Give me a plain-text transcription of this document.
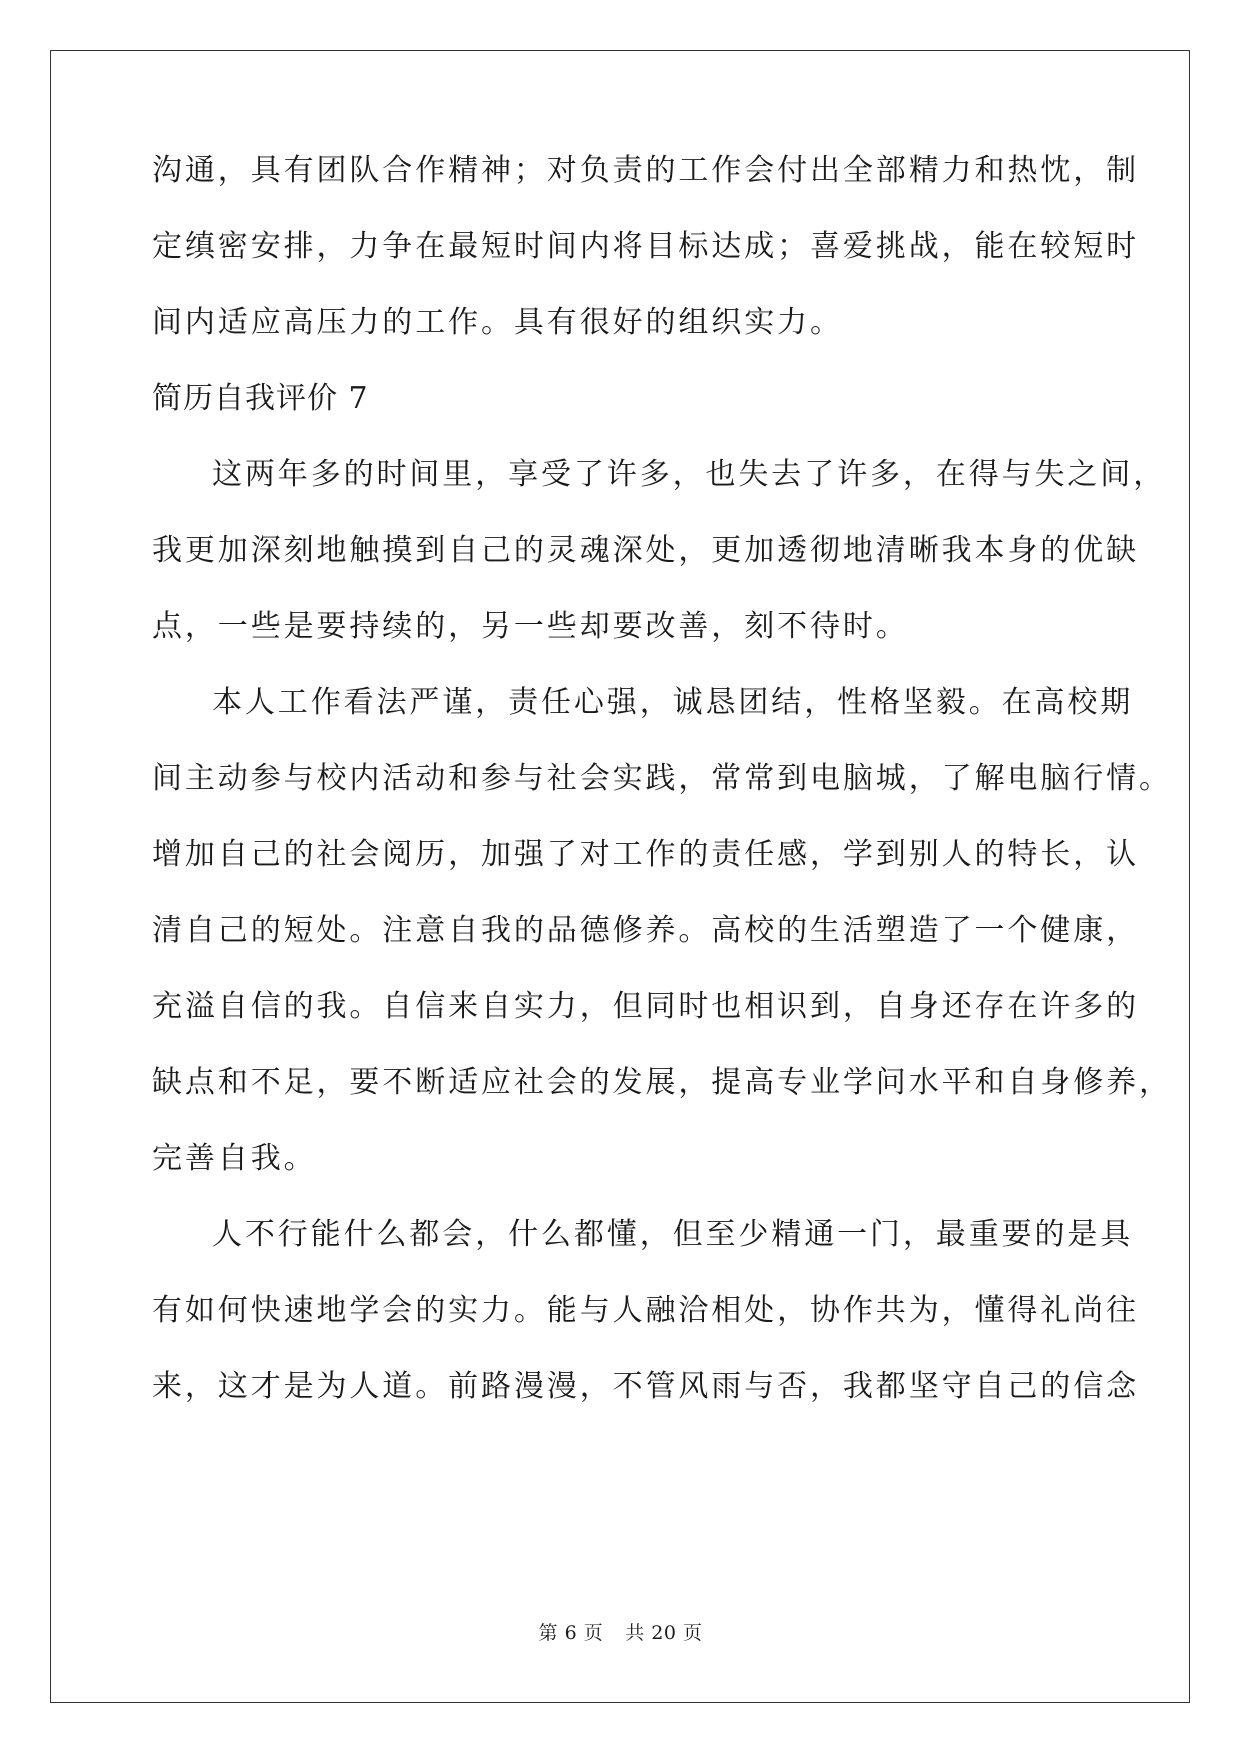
沟通，具有团队合作精神；对负责的工作会付出全部精力和热忱，制
定缜密安排，力争在最短时间内将目标达成；喜爱挑战，能在较短时
间内适应高压力的工作。具有很好的组织实力。
简历自我评价 7
这两年多的时间里，享受了许多，也失去了许多，在得与失之间，
我更加深刻地触摸到自己的灵魂深处，更加透彻地清晰我本身的优缺
点，一些是要持续的，另一些却要改善，刻不待时。
本人工作看法严谨，责任心强，诚恳团结，性格坚毅。在高校期
间主动参与校内活动和参与社会实践，常常到电脑城，了解电脑行情。
增加自己的社会阅历，加强了对工作的责任感，学到别人的特长，认
清自己的短处。注意自我的品德修养。高校的生活塑造了一个健康，
充溢自信的我。自信来自实力，但同时也相识到，自身还存在许多的
缺点和不足，要不断适应社会的发展，提高专业学问水平和自身修养，
完善自我。
人不行能什么都会，什么都懂，但至少精通一门，最重要的是具
有如何快速地学会的实力。能与人融洽相处，协作共为，懂得礼尚往
来，这才是为人道。前路漫漫，不管风雨与否，我都坚守自己的信念
第 6 页 共 20 页
